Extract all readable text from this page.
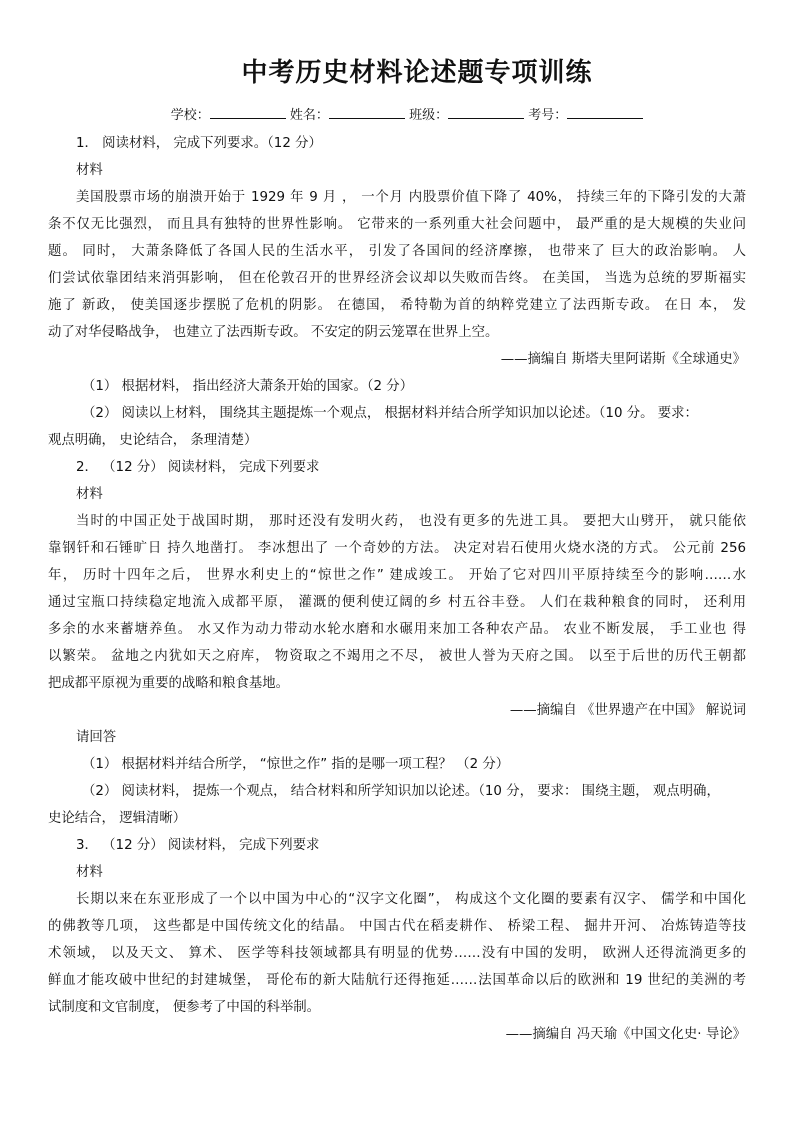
中考历史材料论述题专项训练
学校：	姓名：	班级：	考号：
1． 阅读材料， 完成下列要求。（12 分）
材料
美国股票市场的崩溃开始于 1929 年 9 月 ， 一个月 内股票价值下降了 40%， 持续三年的下降引发的大萧
条不仅无比强烈， 而且具有独特的世界性影响。 它带来的一系列重大社会问题中， 最严重的是大规模的失业问
题。 同时， 大萧条降低了各国人民的生活水平， 引发了各国间的经济摩擦， 也带来了 巨大的政治影响。 人
们尝试依靠团结来消弭影响， 但在伦敦召开的世界经济会议却以失败而告终。 在美国， 当选为总统的罗斯福实
施了 新政， 使美国逐步摆脱了危机的阴影。 在德国， 希特勒为首的纳粹党建立了法西斯专政。 在日 本， 发
动了对华侵略战争， 也建立了法西斯专政。 不安定的阴云笼罩在世界上空。
——摘编自 斯塔夫里阿诺斯《全球通史》
（1） 根据材料， 指出经济大萧条开始的国家。（2 分）
（2） 阅读以上材料， 围绕其主题提炼一个观点， 根据材料并结合所学知识加以论述。（10 分。 要求：
观点明确， 史论结合， 条理清楚）
2． （12 分） 阅读材料， 完成下列要求
材料
当时的中国正处于战国时期， 那时还没有发明火药， 也没有更多的先进工具。 要把大山劈开， 就只能依
靠钢钎和石锤旷日 持久地凿打。 李冰想出了 一个奇妙的方法。 决定对岩石使用火烧水浇的方式。 公元前 256
年， 历时十四年之后， 世界水利史上的“惊世之作” 建成竣工。 开始了它对四川平原持续至今的影响……水
通过宝瓶口持续稳定地流入成都平原， 灌溉的便利使辽阔的乡 村五谷丰登。 人们在栽种粮食的同时， 还利用
多余的水来蓄塘养鱼。 水又作为动力带动水轮水磨和水碾用来加工各种农产品。 农业不断发展， 手工业也 得
以繁荣。 盆地之内犹如天之府库， 物资取之不竭用之不尽， 被世人誉为天府之国。 以至于后世的历代王朝都
把成都平原视为重要的战略和粮食基地。
——摘编自 《世界遗产在中国》 解说词
请回答
（1） 根据材料并结合所学， “惊世之作” 指的是哪一项工程？ （2 分）
（2） 阅读材料， 提炼一个观点， 结合材料和所学知识加以论述。（10 分， 要求： 围绕主题， 观点明确，
史论结合， 逻辑清晰）
3． （12 分） 阅读材料， 完成下列要求
材料
长期以来在东亚形成了一个以中国为中心的“汉字文化圈”， 构成这个文化圈的要素有汉字、 儒学和中国化
的佛教等几项， 这些都是中国传统文化的结晶。 中国古代在稻麦耕作、 桥梁工程、 掘井开河、 冶炼铸造等技
术领域， 以及天文、 算术、 医学等科技领域都具有明显的优势……没有中国的发明， 欧洲人还得流淌更多的
鲜血才能攻破中世纪的封建城堡， 哥伦布的新大陆航行还得拖延……法国革命以后的欧洲和 19 世纪的美洲的考
试制度和文官制度， 便参考了中国的科举制。
——摘编自 冯天瑜《中国文化史· 导论》
